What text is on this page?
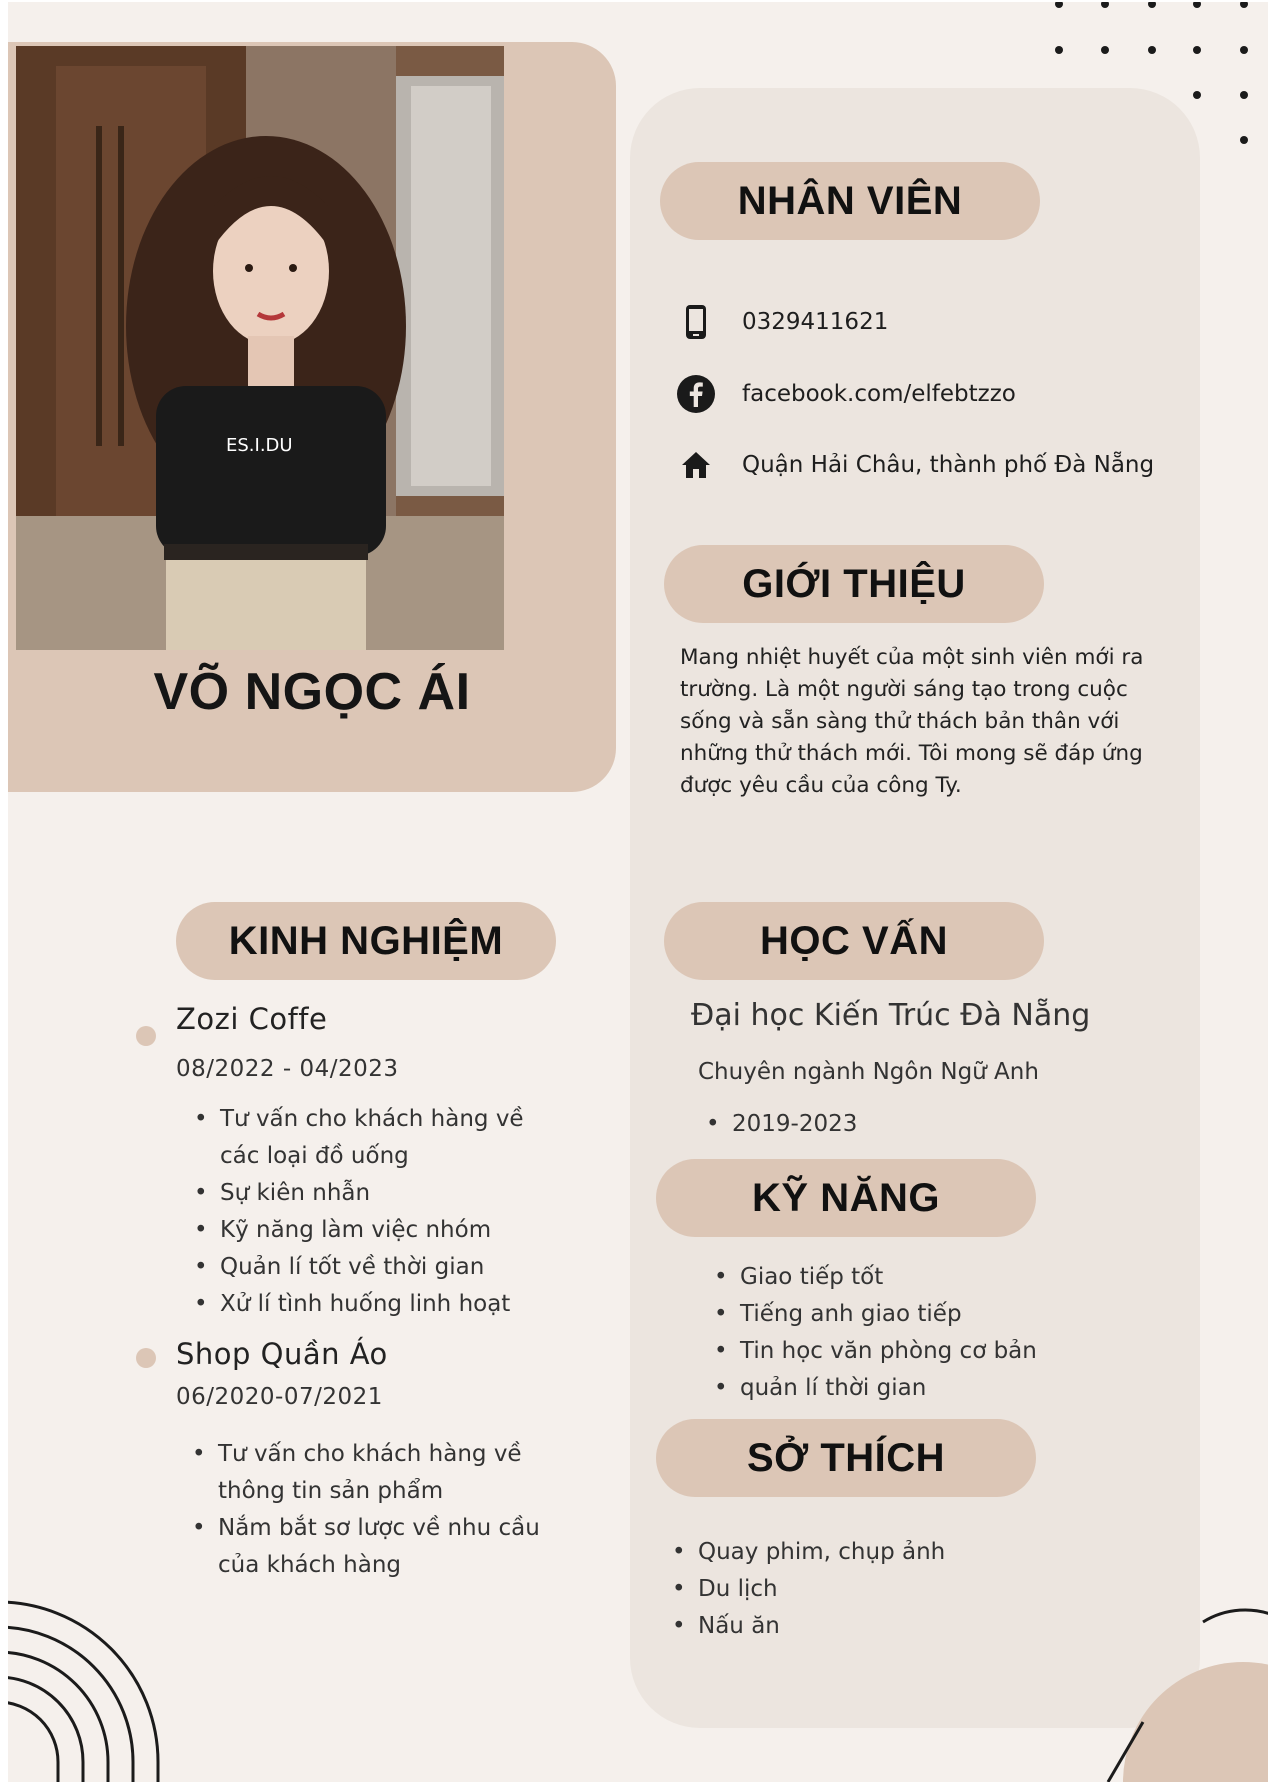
ES.I.DU
VÕ NGỌC ÁI
NHÂN VIÊN
0329411621
facebook.com/elfebtzzo
Quận Hải Châu, thành phố Đà Nẵng
GIỚI THIỆU
Mang nhiệt huyết của một sinh viên mới ra trường. Là một người sáng tạo trong cuộc sống và sẵn sàng thử thách bản thân với những thử thách mới. Tôi mong sẽ đáp ứng được yêu cầu của công Ty.
KINH NGHIỆM
Zozi Coffe
08/2022 - 04/2023
• Tư vấn cho khách hàng về các loại đồ uống
• Sự kiên nhẫn
• Kỹ năng làm việc nhóm
• Quản lí tốt về thời gian
• Xử lí tình huống linh hoạt
Shop Quần Áo
06/2020-07/2021
• Tư vấn cho khách hàng về thông tin sản phẩm
• Nắm bắt sơ lược về nhu cầu của khách hàng
HỌC VẤN
Đại học Kiến Trúc Đà Nẵng
Chuyên ngành Ngôn Ngữ Anh
• 2019-2023
KỸ NĂNG
• Giao tiếp tốt
• Tiếng anh giao tiếp
• Tin học văn phòng cơ bản
• quản lí thời gian
SỞ THÍCH
• Quay phim, chụp ảnh
• Du lịch
• Nấu ăn
